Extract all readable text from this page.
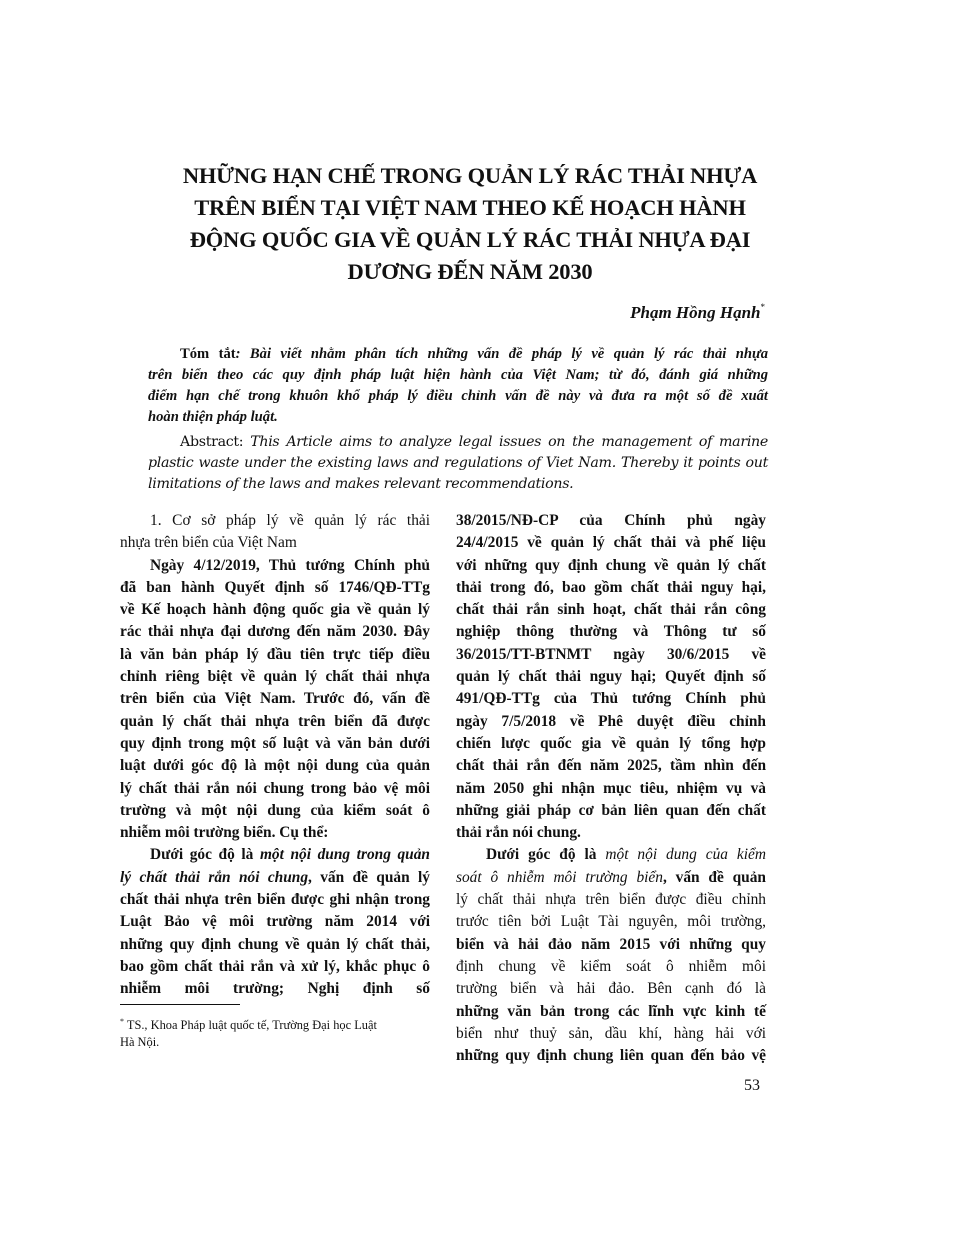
NHỮNG HẠN CHẾ TRONG QUẢN LÝ RÁC THẢI NHỰA
TRÊN BIỂN TẠI VIỆT NAM THEO KẾ HOẠCH HÀNH
ĐỘNG QUỐC GIA VỀ QUẢN LÝ RÁC THẢI NHỰA ĐẠI
DƯƠNG ĐẾN NĂM 2030
Phạm Hồng Hạnh*
Tóm tắt: Bài viết nhằm phân tích những vấn đề pháp lý về quản lý rác thải nhựa
trên biển theo các quy định pháp luật hiện hành của Việt Nam; từ đó, đánh giá những
điểm hạn chế trong khuôn khổ pháp lý điều chỉnh vấn đề này và đưa ra một số đề xuất
hoàn thiện pháp luật.
Abstract: This Article aims to analyze legal issues on the management of marine
plastic waste under the existing laws and regulations of Viet Nam. Thereby it points out
limitations of the laws and makes relevant recommendations.
1. Cơ sở pháp lý về quản lý rác thải
nhựa trên biển của Việt Nam
Ngày 4/12/2019, Thủ tướng Chính phủ
đã ban hành Quyết định số 1746/QĐ-TTg
về Kế hoạch hành động quốc gia về quản lý
rác thải nhựa đại dương đến năm 2030. Đây
là văn bản pháp lý đầu tiên trực tiếp điều
chỉnh riêng biệt về quản lý chất thải nhựa
trên biển của Việt Nam. Trước đó, vấn đề
quản lý chất thải nhựa trên biển đã được
quy định trong một số luật và văn bản dưới
luật dưới góc độ là một nội dung của quản
lý chất thải rắn nói chung trong bảo vệ môi
trường và một nội dung của kiểm soát ô
nhiễm môi trường biển. Cụ thể:
Dưới góc độ là một nội dung trong quản
lý chất thải rắn nói chung, vấn đề quản lý
chất thải nhựa trên biển được ghi nhận trong
Luật Bảo vệ môi trường năm 2014 với
những quy định chung về quản lý chất thải,
bao gồm chất thải rắn và xử lý, khắc phục ô
nhiễm môi trường; Nghị định số
38/2015/NĐ-CP của Chính phủ ngày
24/4/2015 về quản lý chất thải và phế liệu
với những quy định chung về quản lý chất
thải trong đó, bao gồm chất thải nguy hại,
chất thải rắn sinh hoạt, chất thải rắn công
nghiệp thông thường và Thông tư số
36/2015/TT-BTNMT ngày 30/6/2015 về
quản lý chất thải nguy hại; Quyết định số
491/QĐ-TTg của Thủ tướng Chính phủ
ngày 7/5/2018 về Phê duyệt điều chỉnh
chiến lược quốc gia về quản lý tổng hợp
chất thải rắn đến năm 2025, tầm nhìn đến
năm 2050 ghi nhận mục tiêu, nhiệm vụ và
những giải pháp cơ bản liên quan đến chất
thải rắn nói chung.
Dưới góc độ là một nội dung của kiểm
soát ô nhiễm môi trường biển, vấn đề quản
lý chất thải nhựa trên biển được điều chỉnh
trước tiên bởi Luật Tài nguyên, môi trường,
biển và hải đảo năm 2015 với những quy
định chung về kiểm soát ô nhiễm môi
trường biển và hải đảo. Bên cạnh đó là
những văn bản trong các lĩnh vực kinh tế
biển như thuỷ sản, dầu khí, hàng hải với
những quy định chung liên quan đến bảo vệ
* TS., Khoa Pháp luật quốc tế, Trường Đại học Luật
Hà Nội.
53
